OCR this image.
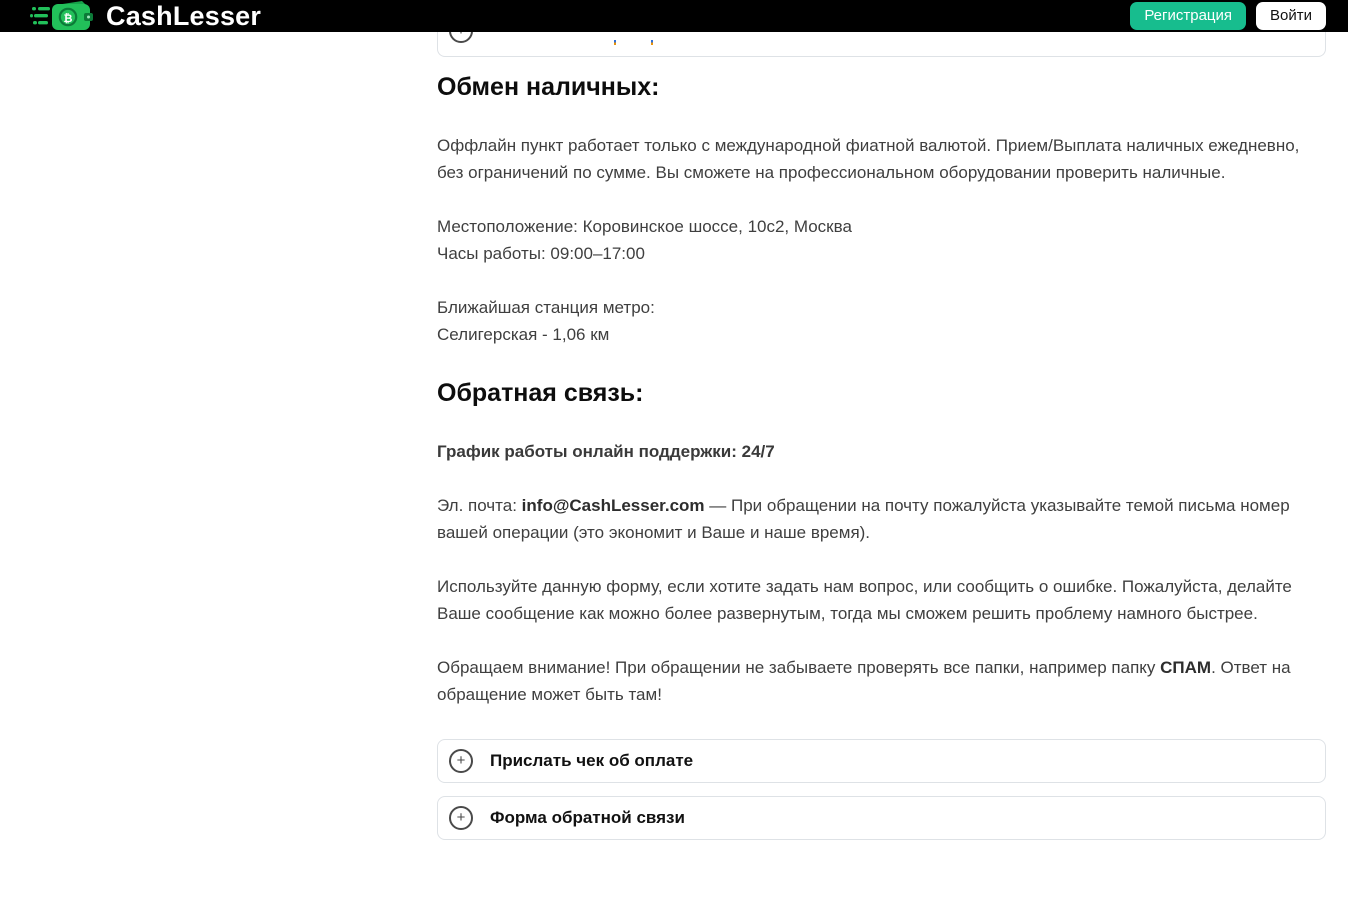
₿ CashLesser	Регистрация	Войти
Обмен наличных:

Оффлайн пункт работает только с международной фиатной валютой. Прием/Выплата наличных ежедневно, без ограничений по сумме. Вы сможете на профессиональном оборудовании проверить наличные.

Местоположение: Коровинское шоссе, 10с2, Москва
Часы работы: 09:00–17:00

Ближайшая станция метро:
Селигерская - 1,06 км

Обратная связь:

График работы онлайн поддержки: 24/7

Эл. почта: info@CashLesser.com — При обращении на почту пожалуйста указывайте темой письма номер вашей операции (это экономит и Ваше и наше время).

Используйте данную форму, если хотите задать нам вопрос, или сообщить о ошибке. Пожалуйста, делайте Ваше сообщение как можно более развернутым, тогда мы сможем решить проблему намного быстрее.

Обращаем внимание! При обращении не забываете проверять все папки, например папку СПАМ. Ответ на обращение может быть там!

+	Прислать чек об оплате
+	Форма обратной связи
